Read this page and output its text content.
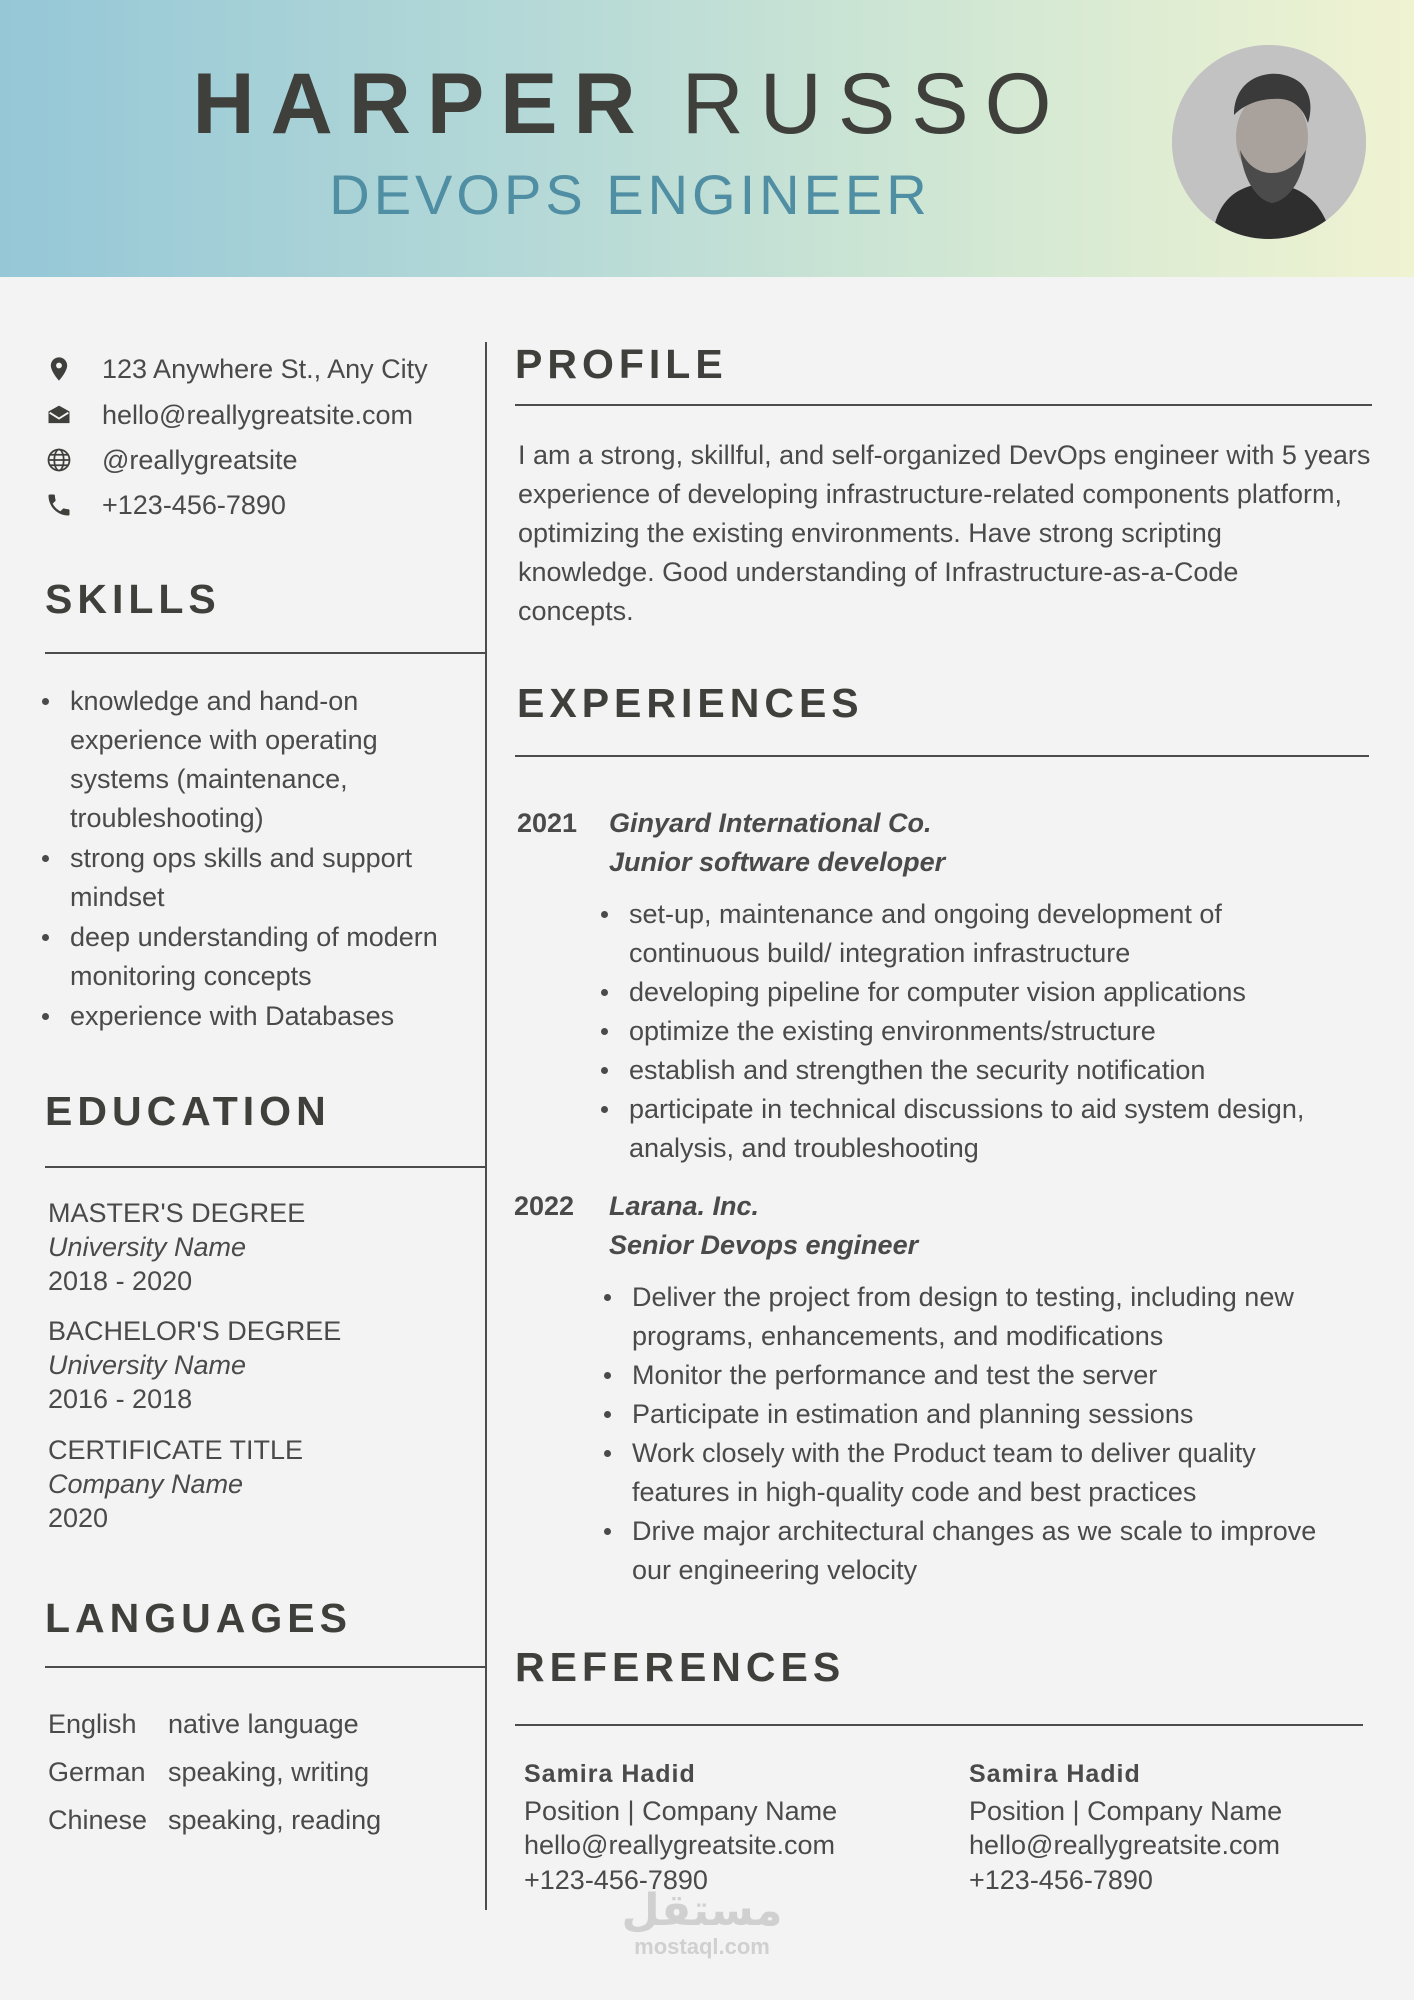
HARPER RUSSO
DEVOPS ENGINEER
123 Anywhere St., Any City
hello@reallygreatsite.com
@reallygreatsite
+123-456-7890
SKILLS
knowledge and hand-on
experience with operating
systems (maintenance,
troubleshooting)
strong ops skills and support
mindset
deep understanding of modern
monitoring concepts
experience with Databases
EDUCATION
MASTER'S DEGREE
University Name
2018 - 2020
BACHELOR'S DEGREE
University Name
2016 - 2018
CERTIFICATE TITLE
Company Name
2020
LANGUAGES
English native language
German speaking, writing
Chinese speaking, reading
PROFILE
I am a strong, skillful, and self-organized DevOps engineer with 5 years
experience of developing infrastructure-related components platform,
optimizing the existing environments. Have strong scripting
knowledge. Good understanding of Infrastructure-as-a-Code
concepts.
EXPERIENCES
2021 Ginyard International Co.
Junior software developer
set-up, maintenance and ongoing development of
continuous build/ integration infrastructure
developing pipeline for computer vision applications
optimize the existing environments/structure
establish and strengthen the security notification
participate in technical discussions to aid system design,
analysis, and troubleshooting
2022 Larana. Inc.
Senior Devops engineer
Deliver the project from design to testing, including new
programs, enhancements, and modifications
Monitor the performance and test the server
Participate in estimation and planning sessions
Work closely with the Product team to deliver quality
features in high-quality code and best practices
Drive major architectural changes as we scale to improve
our engineering velocity
REFERENCES
Samira Hadid
Position | Company Name
hello@reallygreatsite.com
+123-456-7890
Samira Hadid
Position | Company Name
hello@reallygreatsite.com
+123-456-7890
مستقل
mostaql.com
